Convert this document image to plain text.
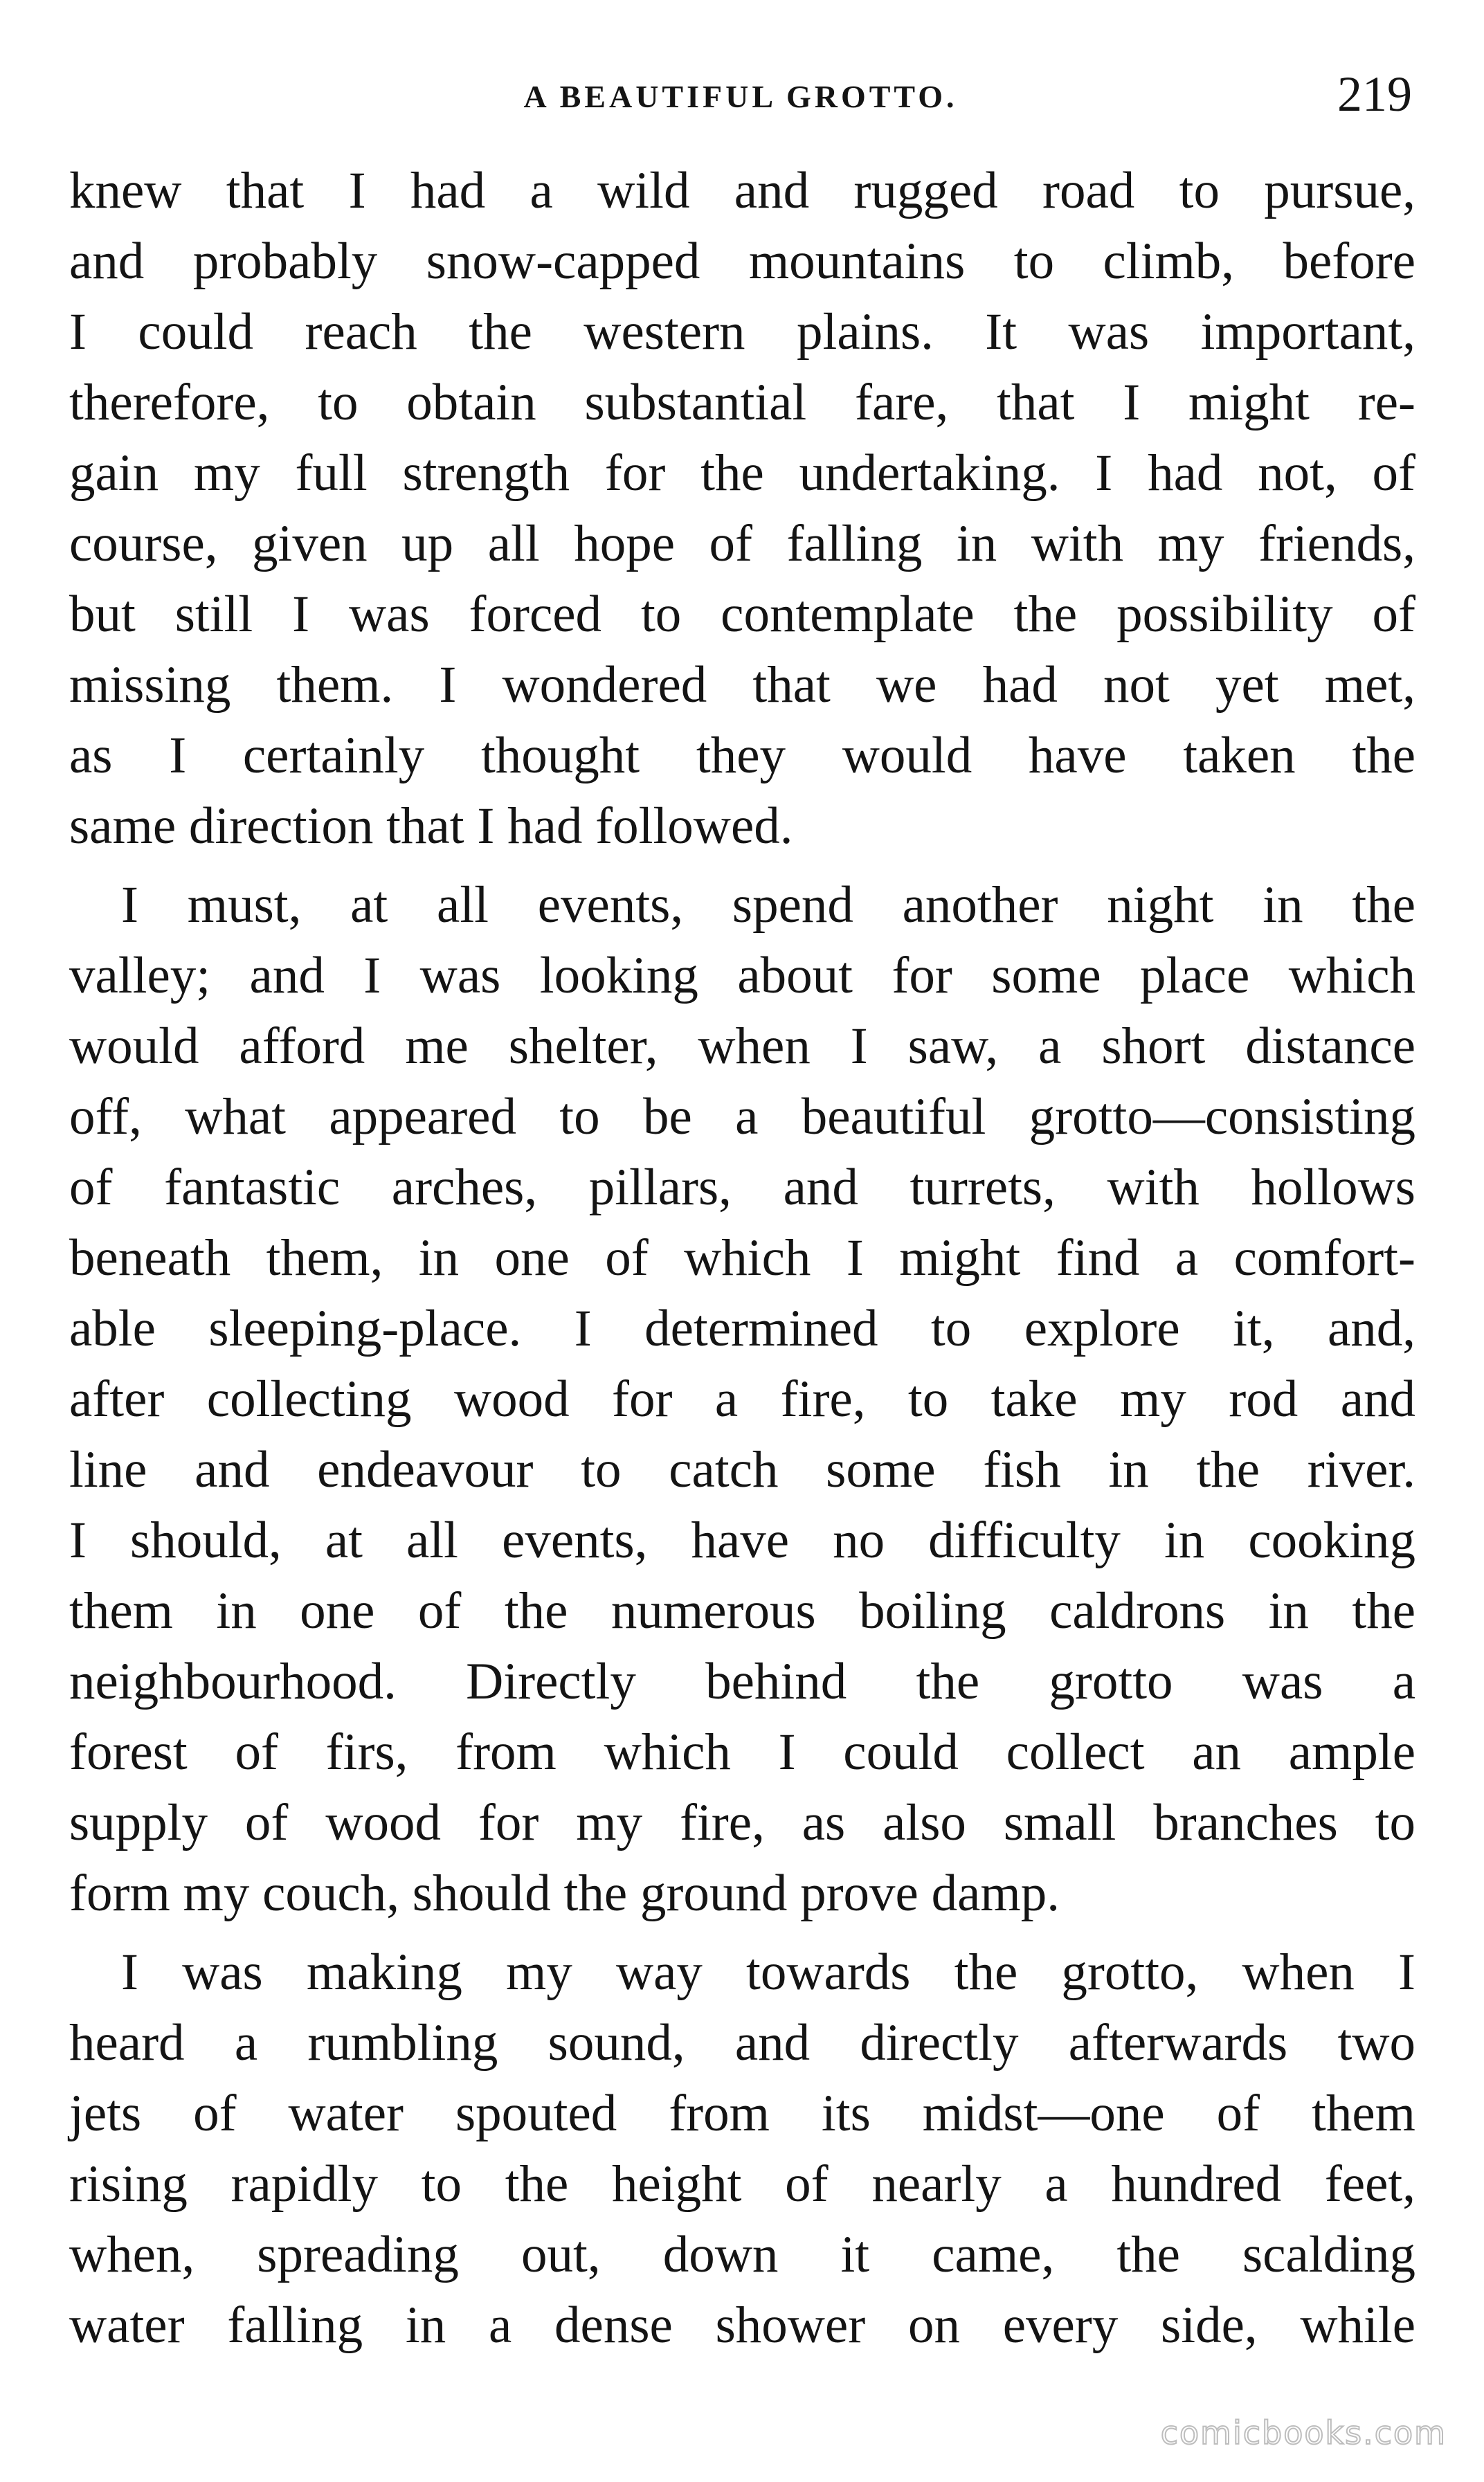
A BEAUTIFUL GROTTO.	219

knew that I had a wild and rugged road to pursue,
and probably snow-capped mountains to climb, before
I could reach the western plains. It was important,
therefore, to obtain substantial fare, that I might re-
gain my full strength for the undertaking. I had not, of
course, given up all hope of falling in with my friends,
but still I was forced to contemplate the possibility of
missing them. I wondered that we had not yet met,
as I certainly thought they would have taken the
same direction that I had followed.

I must, at all events, spend another night in the
valley; and I was looking about for some place which
would afford me shelter, when I saw, a short distance
off, what appeared to be a beautiful grotto—consisting
of fantastic arches, pillars, and turrets, with hollows
beneath them, in one of which I might find a comfort-
able sleeping-place. I determined to explore it, and,
after collecting wood for a fire, to take my rod and
line and endeavour to catch some fish in the river.
I should, at all events, have no difficulty in cooking
them in one of the numerous boiling caldrons in the
neighbourhood. Directly behind the grotto was a
forest of firs, from which I could collect an ample
supply of wood for my fire, as also small branches to
form my couch, should the ground prove damp.

I was making my way towards the grotto, when I
heard a rumbling sound, and directly afterwards two
jets of water spouted from its midst—one of them
rising rapidly to the height of nearly a hundred feet,
when, spreading out, down it came, the scalding
water falling in a dense shower on every side, while

comicbooks.com
